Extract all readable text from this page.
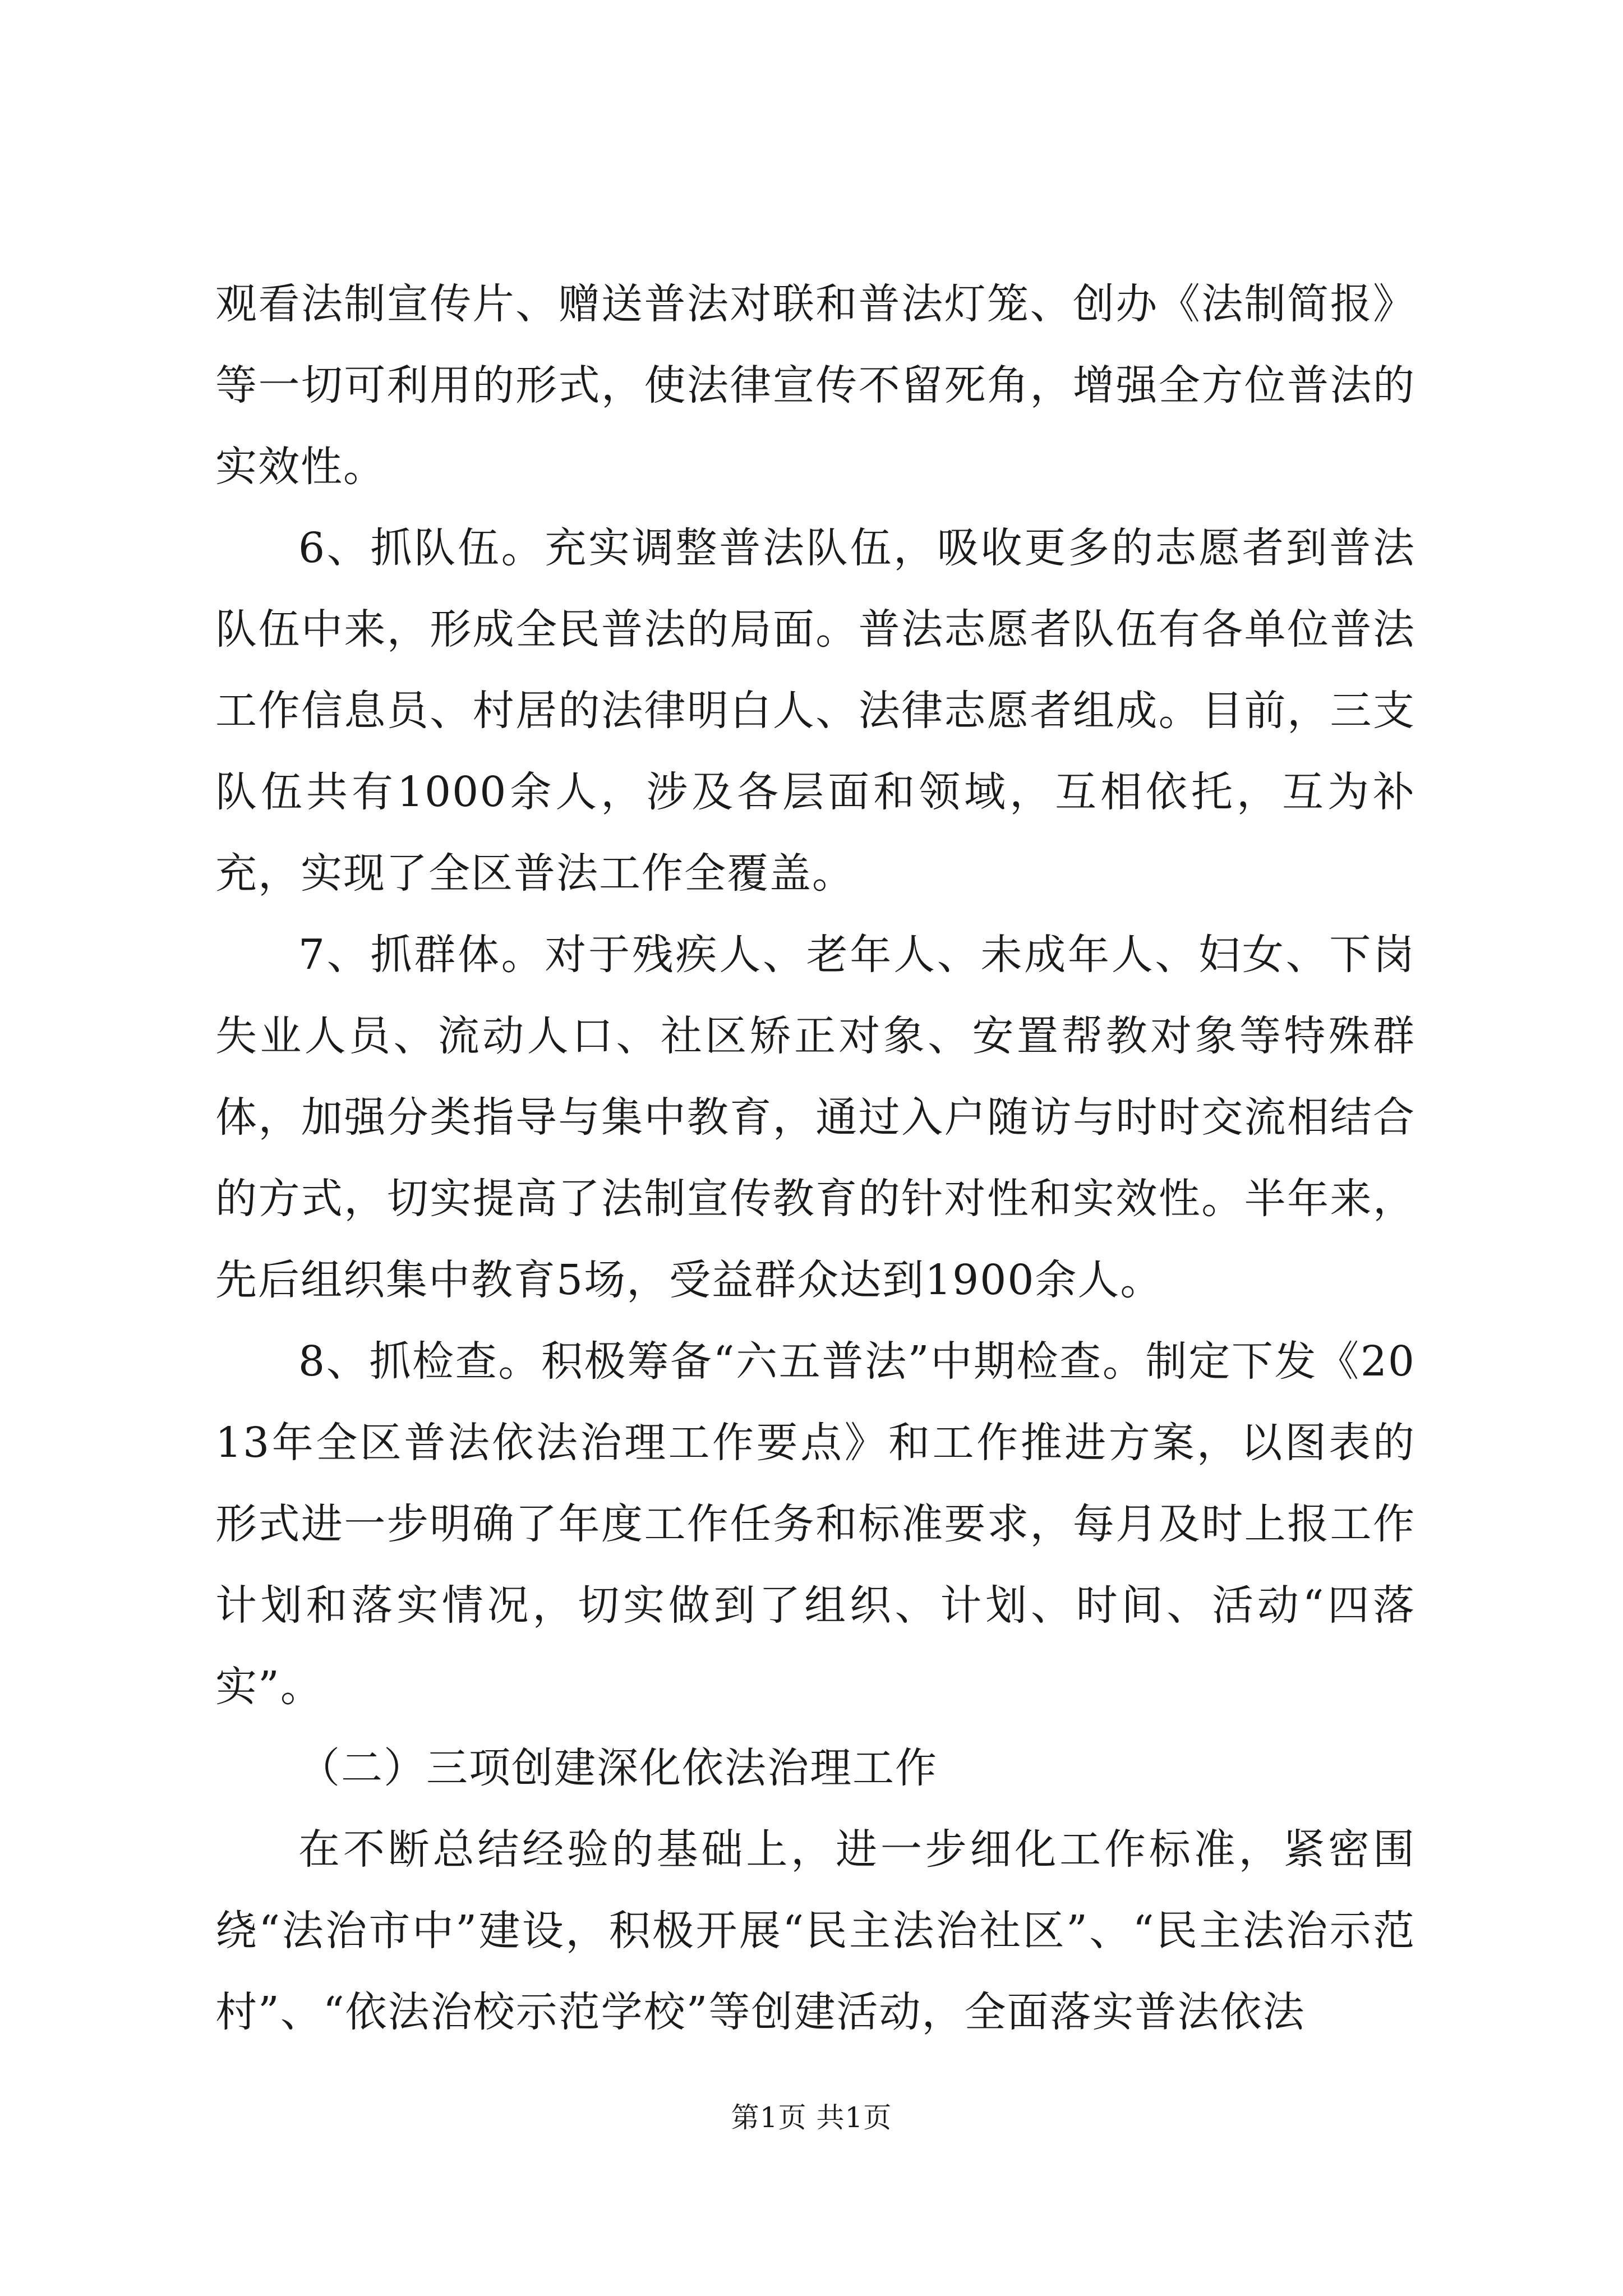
观看法制宣传片、赠送普法对联和普法灯笼、创办《法制简报》等一切可利用的形式，使法律宣传不留死角，增强全方位普法的实效性。

6、抓队伍。充实调整普法队伍，吸收更多的志愿者到普法队伍中来，形成全民普法的局面。普法志愿者队伍有各单位普法工作信息员、村居的法律明白人、法律志愿者组成。目前，三支队伍共有1000余人，涉及各层面和领域，互相依托，互为补充，实现了全区普法工作全覆盖。

7、抓群体。对于残疾人、老年人、未成年人、妇女、下岗失业人员、流动人口、社区矫正对象、安置帮教对象等特殊群体，加强分类指导与集中教育，通过入户随访与时时交流相结合的方式，切实提高了法制宣传教育的针对性和实效性。半年来，先后组织集中教育5场，受益群众达到1900余人。

8、抓检查。积极筹备“六五普法”中期检查。制定下发《2013年全区普法依法治理工作要点》和工作推进方案，以图表的形式进一步明确了年度工作任务和标准要求，每月及时上报工作计划和落实情况，切实做到了组织、计划、时间、活动“四落实”。

（二）三项创建深化依法治理工作

在不断总结经验的基础上，进一步细化工作标准，紧密围绕“法治市中”建设，积极开展“民主法治社区”、“民主法治示范村”、“依法治校示范学校”等创建活动，全面落实普法依法

第1页 共1页
